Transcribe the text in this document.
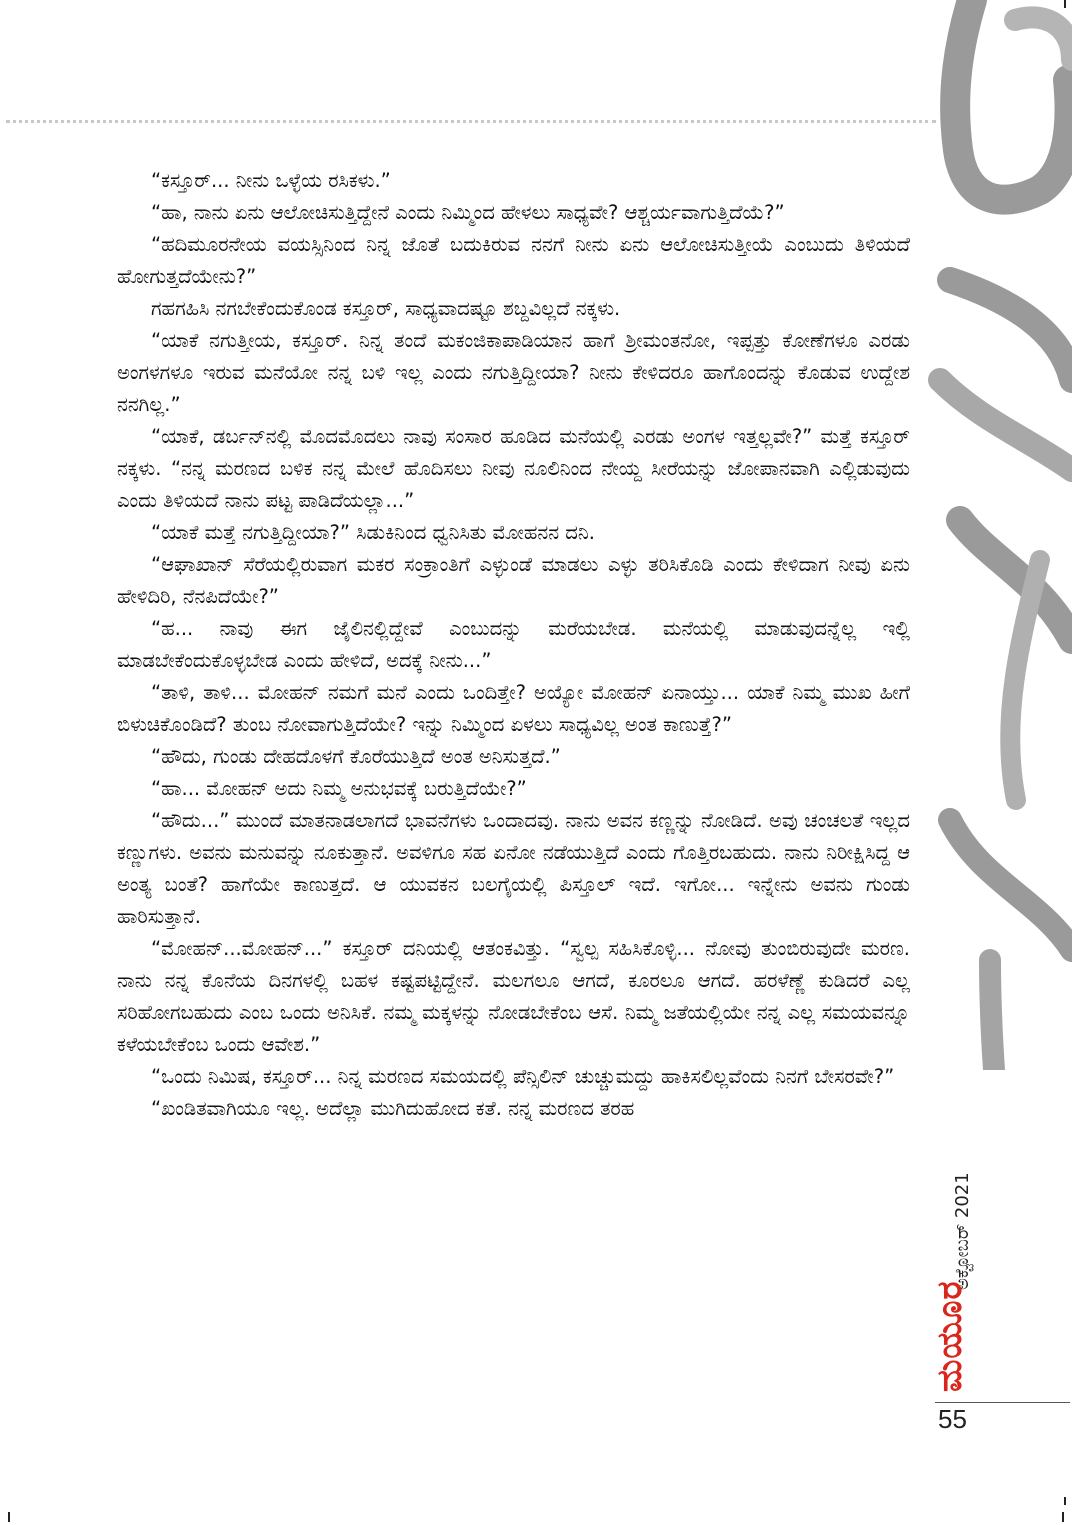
“ಕಸ್ತೂರ್... ನೀನು ಒಳ್ಳೆಯ ರಸಿಕಳು.”

“ಹಾ, ನಾನು ಏನು ಆಲೋಚಿಸುತ್ತಿದ್ದೇನೆ ಎಂದು ನಿಮ್ಮಿಂದ ಹೇಳಲು ಸಾಧ್ಯವೇ? ಆಶ್ಚರ್ಯವಾಗುತ್ತಿದೆಯೆ?”

“ಹದಿಮೂರನೇಯ ವಯಸ್ಸಿನಿಂದ ನಿನ್ನ ಜೊತೆ ಬದುಕಿರುವ ನನಗೆ ನೀನು ಏನು ಆಲೋಚಿಸುತ್ತೀಯೆ ಎಂಬುದು ತಿಳಿಯದೆ ಹೋಗುತ್ತದೆಯೇನು?”

ಗಹಗಹಿಸಿ ನಗಬೇಕೆಂದುಕೊಂಡ ಕಸ್ತೂರ್, ಸಾಧ್ಯವಾದಷ್ಟೂ ಶಬ್ದವಿಲ್ಲದೆ ನಕ್ಕಳು.

“ಯಾಕೆ ನಗುತ್ತೀಯ, ಕಸ್ತೂರ್. ನಿನ್ನ ತಂದೆ ಮಕಂಜಿಕಾಪಾಡಿಯಾನ ಹಾಗೆ ಶ್ರೀಮಂತನೋ, ಇಪ್ಪತ್ತು ಕೋಣೆಗಳೂ ಎರಡು ಅಂಗಳಗಳೂ ಇರುವ ಮನೆಯೋ ನನ್ನ ಬಳಿ ಇಲ್ಲ ಎಂದು ನಗುತ್ತಿದ್ದೀಯಾ? ನೀನು ಕೇಳಿದರೂ ಹಾಗೊಂದನ್ನು ಕೊಡುವ ಉದ್ದೇಶ ನನಗಿಲ್ಲ.”

“ಯಾಕೆ, ಡರ್ಬನ್‌ನಲ್ಲಿ ಮೊದಮೊದಲು ನಾವು ಸಂಸಾರ ಹೂಡಿದ ಮನೆಯಲ್ಲಿ ಎರಡು ಅಂಗಳ ಇತ್ತಲ್ಲವೇ?” ಮತ್ತೆ ಕಸ್ತೂರ್ ನಕ್ಕಳು. “ನನ್ನ ಮರಣದ ಬಳಿಕ ನನ್ನ ಮೇಲೆ ಹೊದಿಸಲು ನೀವು ನೂಲಿನಿಂದ ನೇಯ್ದ ಸೀರೆಯನ್ನು ಜೋಪಾನವಾಗಿ ಎಲ್ಲಿಡುವುದು ಎಂದು ತಿಳಿಯದೆ ನಾನು ಪಟ್ಟ ಪಾಡಿದೆಯಲ್ಲಾ...”

“ಯಾಕೆ ಮತ್ತೆ ನಗುತ್ತಿದ್ದೀಯಾ?” ಸಿಡುಕಿನಿಂದ ಧ್ವನಿಸಿತು ಮೋಹನನ ದನಿ.

“ಆಘಾಖಾನ್ ಸೆರೆಯಲ್ಲಿರುವಾಗ ಮಕರ ಸಂಕ್ರಾಂತಿಗೆ ಎಳ್ಳುಂಡೆ ಮಾಡಲು ಎಳ್ಳು ತರಿಸಿಕೊಡಿ ಎಂದು ಕೇಳಿದಾಗ ನೀವು ಏನು ಹೇಳಿದಿರಿ, ನೆನಪಿದೆಯೇ?”

“ಹ... ನಾವು ಈಗ ಜೈಲಿನಲ್ಲಿದ್ದೇವೆ ಎಂಬುದನ್ನು ಮರೆಯಬೇಡ. ಮನೆಯಲ್ಲಿ ಮಾಡುವುದನ್ನೆಲ್ಲ ಇಲ್ಲಿ ಮಾಡಬೇಕೆಂದುಕೊಳ್ಳಬೇಡ ಎಂದು ಹೇಳಿದೆ, ಅದಕ್ಕೆ ನೀನು...”

“ತಾಳಿ, ತಾಳಿ... ಮೋಹನ್ ನಮಗೆ ಮನೆ ಎಂದು ಒಂದಿತ್ತೇ? ಅಯ್ಯೋ ಮೋಹನ್ ಏನಾಯ್ತು... ಯಾಕೆ ನಿಮ್ಮ ಮುಖ ಹೀಗೆ ಬಿಳುಚಿಕೊಂಡಿದೆ? ತುಂಬ ನೋವಾಗುತ್ತಿದೆಯೇ? ಇನ್ನು ನಿಮ್ಮಿಂದ ಏಳಲು ಸಾಧ್ಯವಿಲ್ಲ ಅಂತ ಕಾಣುತ್ತೆ?”

“ಹೌದು, ಗುಂಡು ದೇಹದೊಳಗೆ ಕೊರೆಯುತ್ತಿದೆ ಅಂತ ಅನಿಸುತ್ತದೆ.”

“ಹಾ... ಮೋಹನ್ ಅದು ನಿಮ್ಮ ಅನುಭವಕ್ಕೆ ಬರುತ್ತಿದೆಯೇ?”

“ಹೌದು...” ಮುಂದೆ ಮಾತನಾಡಲಾಗದೆ ಭಾವನೆಗಳು ಒಂದಾದವು. ನಾನು ಅವನ ಕಣ್ಣನ್ನು ನೋಡಿದೆ. ಅವು ಚಂಚಲತೆ ಇಲ್ಲದ ಕಣ್ಣುಗಳು. ಅವನು ಮನುವನ್ನು ನೂಕುತ್ತಾನೆ. ಅವಳಿಗೂ ಸಹ ಏನೋ ನಡೆಯುತ್ತಿದೆ ಎಂದು ಗೊತ್ತಿರಬಹುದು. ನಾನು ನಿರೀಕ್ಷಿಸಿದ್ದ ಆ ಅಂತ್ಯ ಬಂತೆ? ಹಾಗೆಯೇ ಕಾಣುತ್ತದೆ. ಆ ಯುವಕನ ಬಲಗೈಯಲ್ಲಿ ಪಿಸ್ತೂಲ್ ಇದೆ. ಇಗೋ... ಇನ್ನೇನು ಅವನು ಗುಂಡು ಹಾರಿಸುತ್ತಾನೆ.

“ಮೋಹನ್...ಮೋಹನ್...” ಕಸ್ತೂರ್ ದನಿಯಲ್ಲಿ ಆತಂಕವಿತ್ತು. “ಸ್ವಲ್ಪ ಸಹಿಸಿಕೊಳ್ಳಿ... ನೋವು ತುಂಬಿರುವುದೇ ಮರಣ. ನಾನು ನನ್ನ ಕೊನೆಯ ದಿನಗಳಲ್ಲಿ ಬಹಳ ಕಷ್ಟಪಟ್ಟಿದ್ದೇನೆ. ಮಲಗಲೂ ಆಗದೆ, ಕೂರಲೂ ಆಗದೆ. ಹರಳೆಣ್ಣೆ ಕುಡಿದರೆ ಎಲ್ಲ ಸರಿಹೋಗಬಹುದು ಎಂಬ ಒಂದು ಅನಿಸಿಕೆ. ನಮ್ಮ ಮಕ್ಕಳನ್ನು ನೋಡಬೇಕೆಂಬ ಆಸೆ. ನಿಮ್ಮ ಜತೆಯಲ್ಲಿಯೇ ನನ್ನ ಎಲ್ಲ ಸಮಯವನ್ನೂ ಕಳೆಯಬೇಕೆಂಬ ಒಂದು ಆವೇಶ.”

“ಒಂದು ನಿಮಿಷ, ಕಸ್ತೂರ್... ನಿನ್ನ ಮರಣದ ಸಮಯದಲ್ಲಿ ಪೆನ್ಸಿಲಿನ್ ಚುಚ್ಚುಮದ್ದು ಹಾಕಿಸಲಿಲ್ಲವೆಂದು ನಿನಗೆ ಬೇಸರವೇ?”

“ಖಂಡಿತವಾಗಿಯೂ ಇಲ್ಲ. ಅದೆಲ್ಲಾ ಮುಗಿದುಹೋದ ಕತೆ. ನನ್ನ ಮರಣದ ತರಹ

ಅಕ್ಟೋಬರ್ 2021
ಮಯೂರ
55
